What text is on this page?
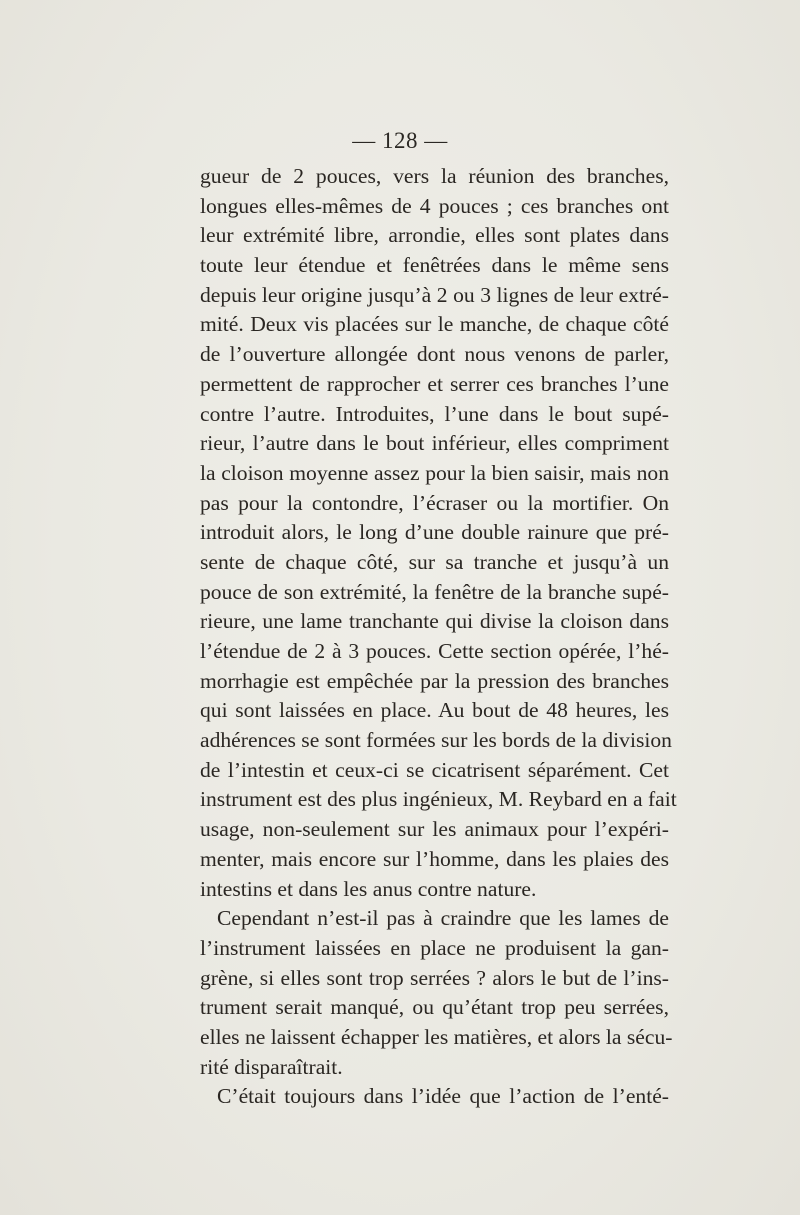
— 128 —
gueur de 2 pouces, vers la réunion des branches,
longues elles-mêmes de 4 pouces ; ces branches ont
leur extrémité libre, arrondie, elles sont plates dans
toute leur étendue et fenêtrées dans le même sens
depuis leur origine jusqu’à 2 ou 3 lignes de leur extré-
mité. Deux vis placées sur le manche, de chaque côté
de l’ouverture allongée dont nous venons de parler,
permettent de rapprocher et serrer ces branches l’une
contre l’autre. Introduites, l’une dans le bout supé-
rieur, l’autre dans le bout inférieur, elles compriment
la cloison moyenne assez pour la bien saisir, mais non
pas pour la contondre, l’écraser ou la mortifier. On
introduit alors, le long d’une double rainure que pré-
sente de chaque côté, sur sa tranche et jusqu’à un
pouce de son extrémité, la fenêtre de la branche supé-
rieure, une lame tranchante qui divise la cloison dans
l’étendue de 2 à 3 pouces. Cette section opérée, l’hé-
morrhagie est empêchée par la pression des branches
qui sont laissées en place. Au bout de 48 heures, les
adhérences se sont formées sur les bords de la division
de l’intestin et ceux-ci se cicatrisent séparément. Cet
instrument est des plus ingénieux, M. Reybard en a fait
usage, non-seulement sur les animaux pour l’expéri-
menter, mais encore sur l’homme, dans les plaies des
intestins et dans les anus contre nature.
Cependant n’est-il pas à craindre que les lames de
l’instrument laissées en place ne produisent la gan-
grène, si elles sont trop serrées ? alors le but de l’ins-
trument serait manqué, ou qu’étant trop peu serrées,
elles ne laissent échapper les matières, et alors la sécu-
rité disparaîtrait.
C’était toujours dans l’idée que l’action de l’enté-
